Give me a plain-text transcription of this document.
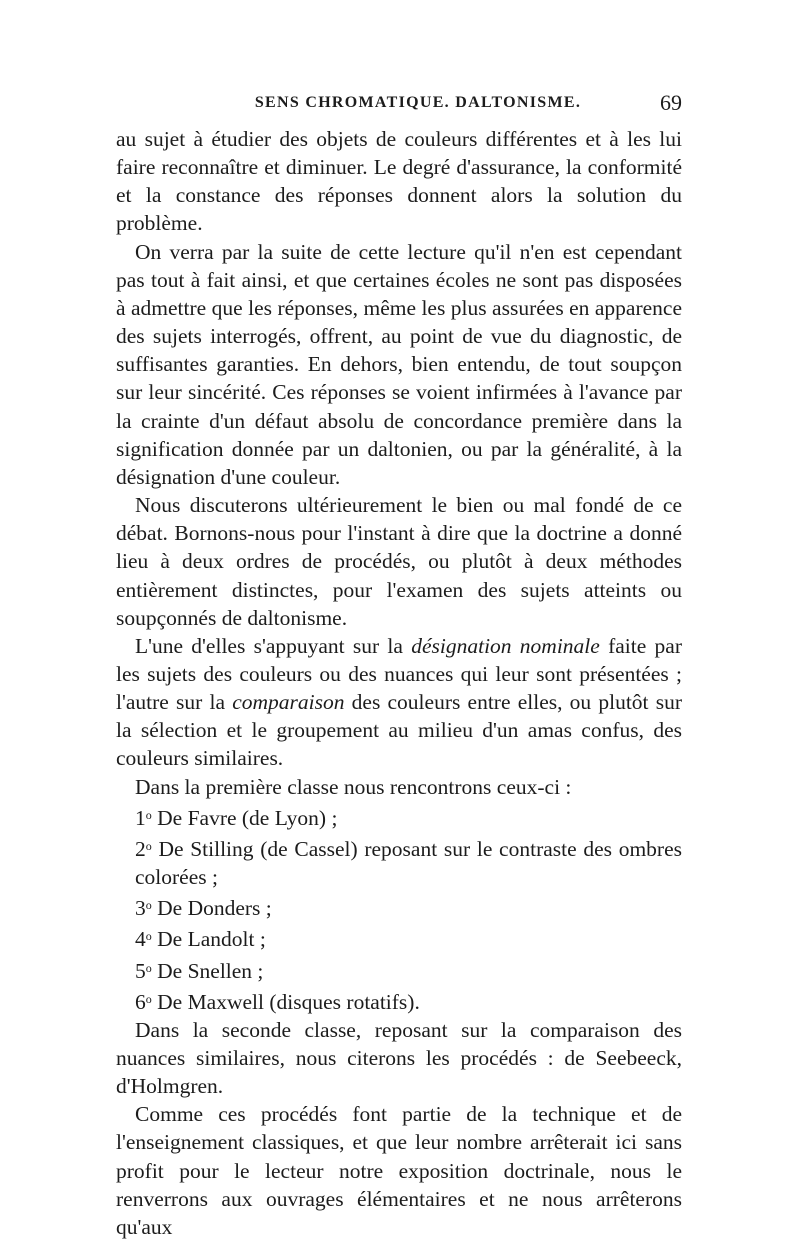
SENS CHROMATIQUE. DALTONISME.	69

au sujet à étudier des objets de couleurs différentes et à les lui faire reconnaître et diminuer. Le degré d'assurance, la conformité et la constance des réponses donnent alors la solution du problème.

On verra par la suite de cette lecture qu'il n'en est cependant pas tout à fait ainsi, et que certaines écoles ne sont pas disposées à admettre que les réponses, même les plus assurées en apparence des sujets interrogés, offrent, au point de vue du diagnostic, de suffisantes garanties. En dehors, bien entendu, de tout soupçon sur leur sincérité. Ces réponses se voient infirmées à l'avance par la crainte d'un défaut absolu de concordance première dans la signification donnée par un daltonien, ou par la généralité, à la désignation d'une couleur.

Nous discuterons ultérieurement le bien ou mal fondé de ce débat. Bornons-nous pour l'instant à dire que la doctrine a donné lieu à deux ordres de procédés, ou plutôt à deux méthodes entièrement distinctes, pour l'examen des sujets atteints ou soupçonnés de daltonisme.

L'une d'elles s'appuyant sur la désignation nominale faite par les sujets des couleurs ou des nuances qui leur sont présentées ; l'autre sur la comparaison des couleurs entre elles, ou plutôt sur la sélection et le groupement au milieu d'un amas confus, des couleurs similaires.

Dans la première classe nous rencontrons ceux-ci :

1$^o$ De Favre (de Lyon) ;

2$^o$ De Stilling (de Cassel) reposant sur le contraste des ombres colorées ;

3$^o$ De Donders ;

4$^o$ De Landolt ;

5$^o$ De Snellen ;

6$^o$ De Maxwell (disques rotatifs).

Dans la seconde classe, reposant sur la comparaison des nuances similaires, nous citerons les procédés : de Seebeeck, d'Holmgren.

Comme ces procédés font partie de la technique et de l'enseignement classiques, et que leur nombre arrêterait ici sans profit pour le lecteur notre exposition doctrinale, nous le renverrons aux ouvrages élémentaires et ne nous arrêterons qu'aux
